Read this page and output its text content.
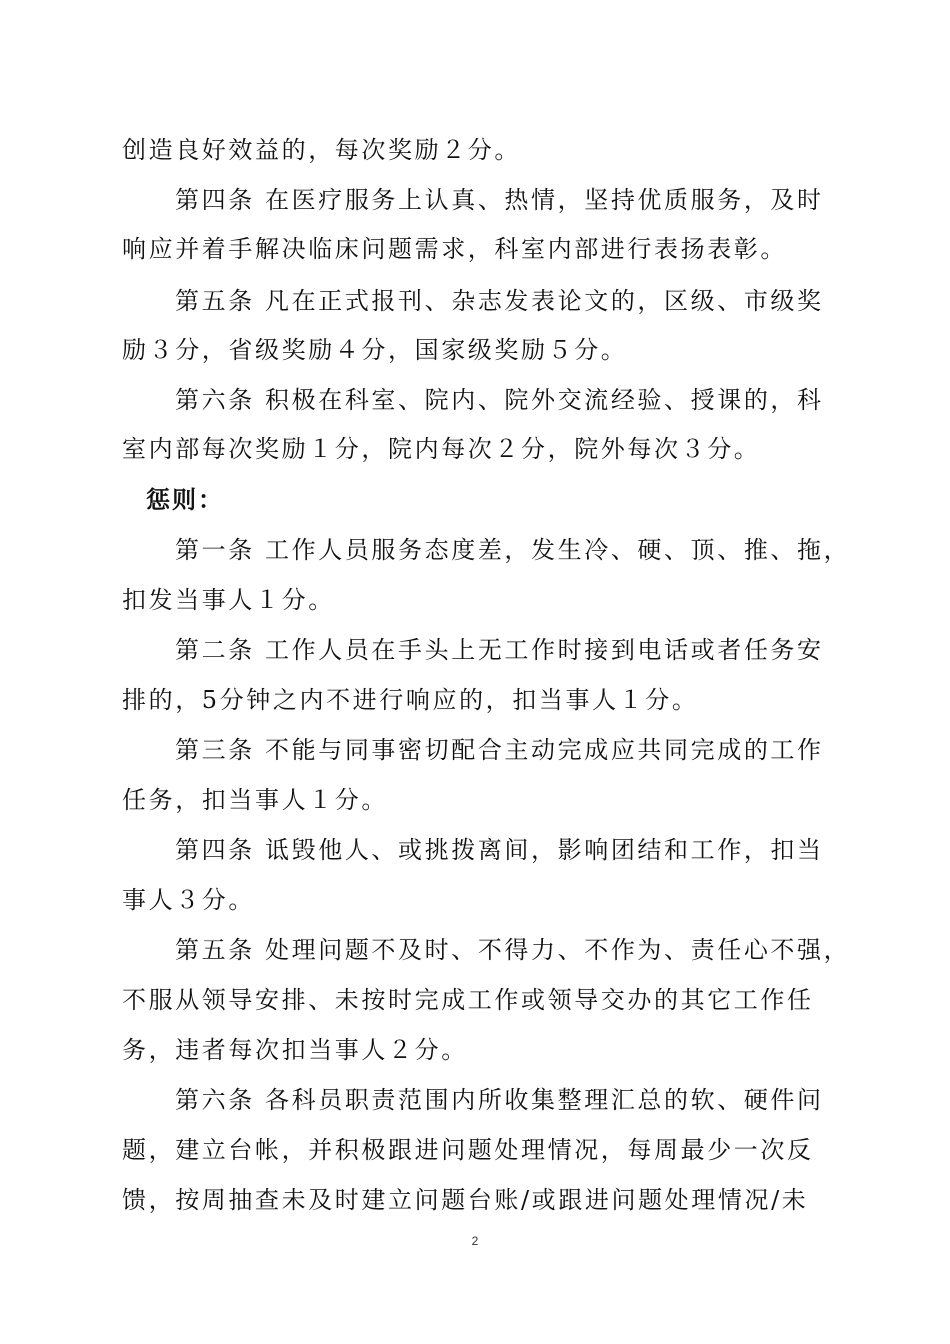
创造良好效益的，每次奖励２分。
第四条 在医疗服务上认真、热情，坚持优质服务，及时
响应并着手解决临床问题需求，科室内部进行表扬表彰。
第五条 凡在正式报刊、杂志发表论文的，区级、市级奖
励３分，省级奖励４分，国家级奖励５分。
第六条 积极在科室、院内、院外交流经验、授课的，科
室内部每次奖励１分，院内每次２分，院外每次３分。
惩则：
第一条 工作人员服务态度差，发生冷、硬、顶、推、拖，
扣发当事人１分。
第二条 工作人员在手头上无工作时接到电话或者任务安
排的，5分钟之内不进行响应的，扣当事人１分。
第三条 不能与同事密切配合主动完成应共同完成的工作
任务，扣当事人１分。
第四条 诋毁他人、或挑拨离间，影响团结和工作，扣当
事人３分。
第五条 处理问题不及时、不得力、不作为、责任心不强，
不服从领导安排、未按时完成工作或领导交办的其它工作任
务，违者每次扣当事人２分。
第六条 各科员职责范围内所收集整理汇总的软、硬件问
题，建立台帐，并积极跟进问题处理情况，每周最少一次反
馈，按周抽查未及时建立问题台账/或跟进问题处理情况/未
2
